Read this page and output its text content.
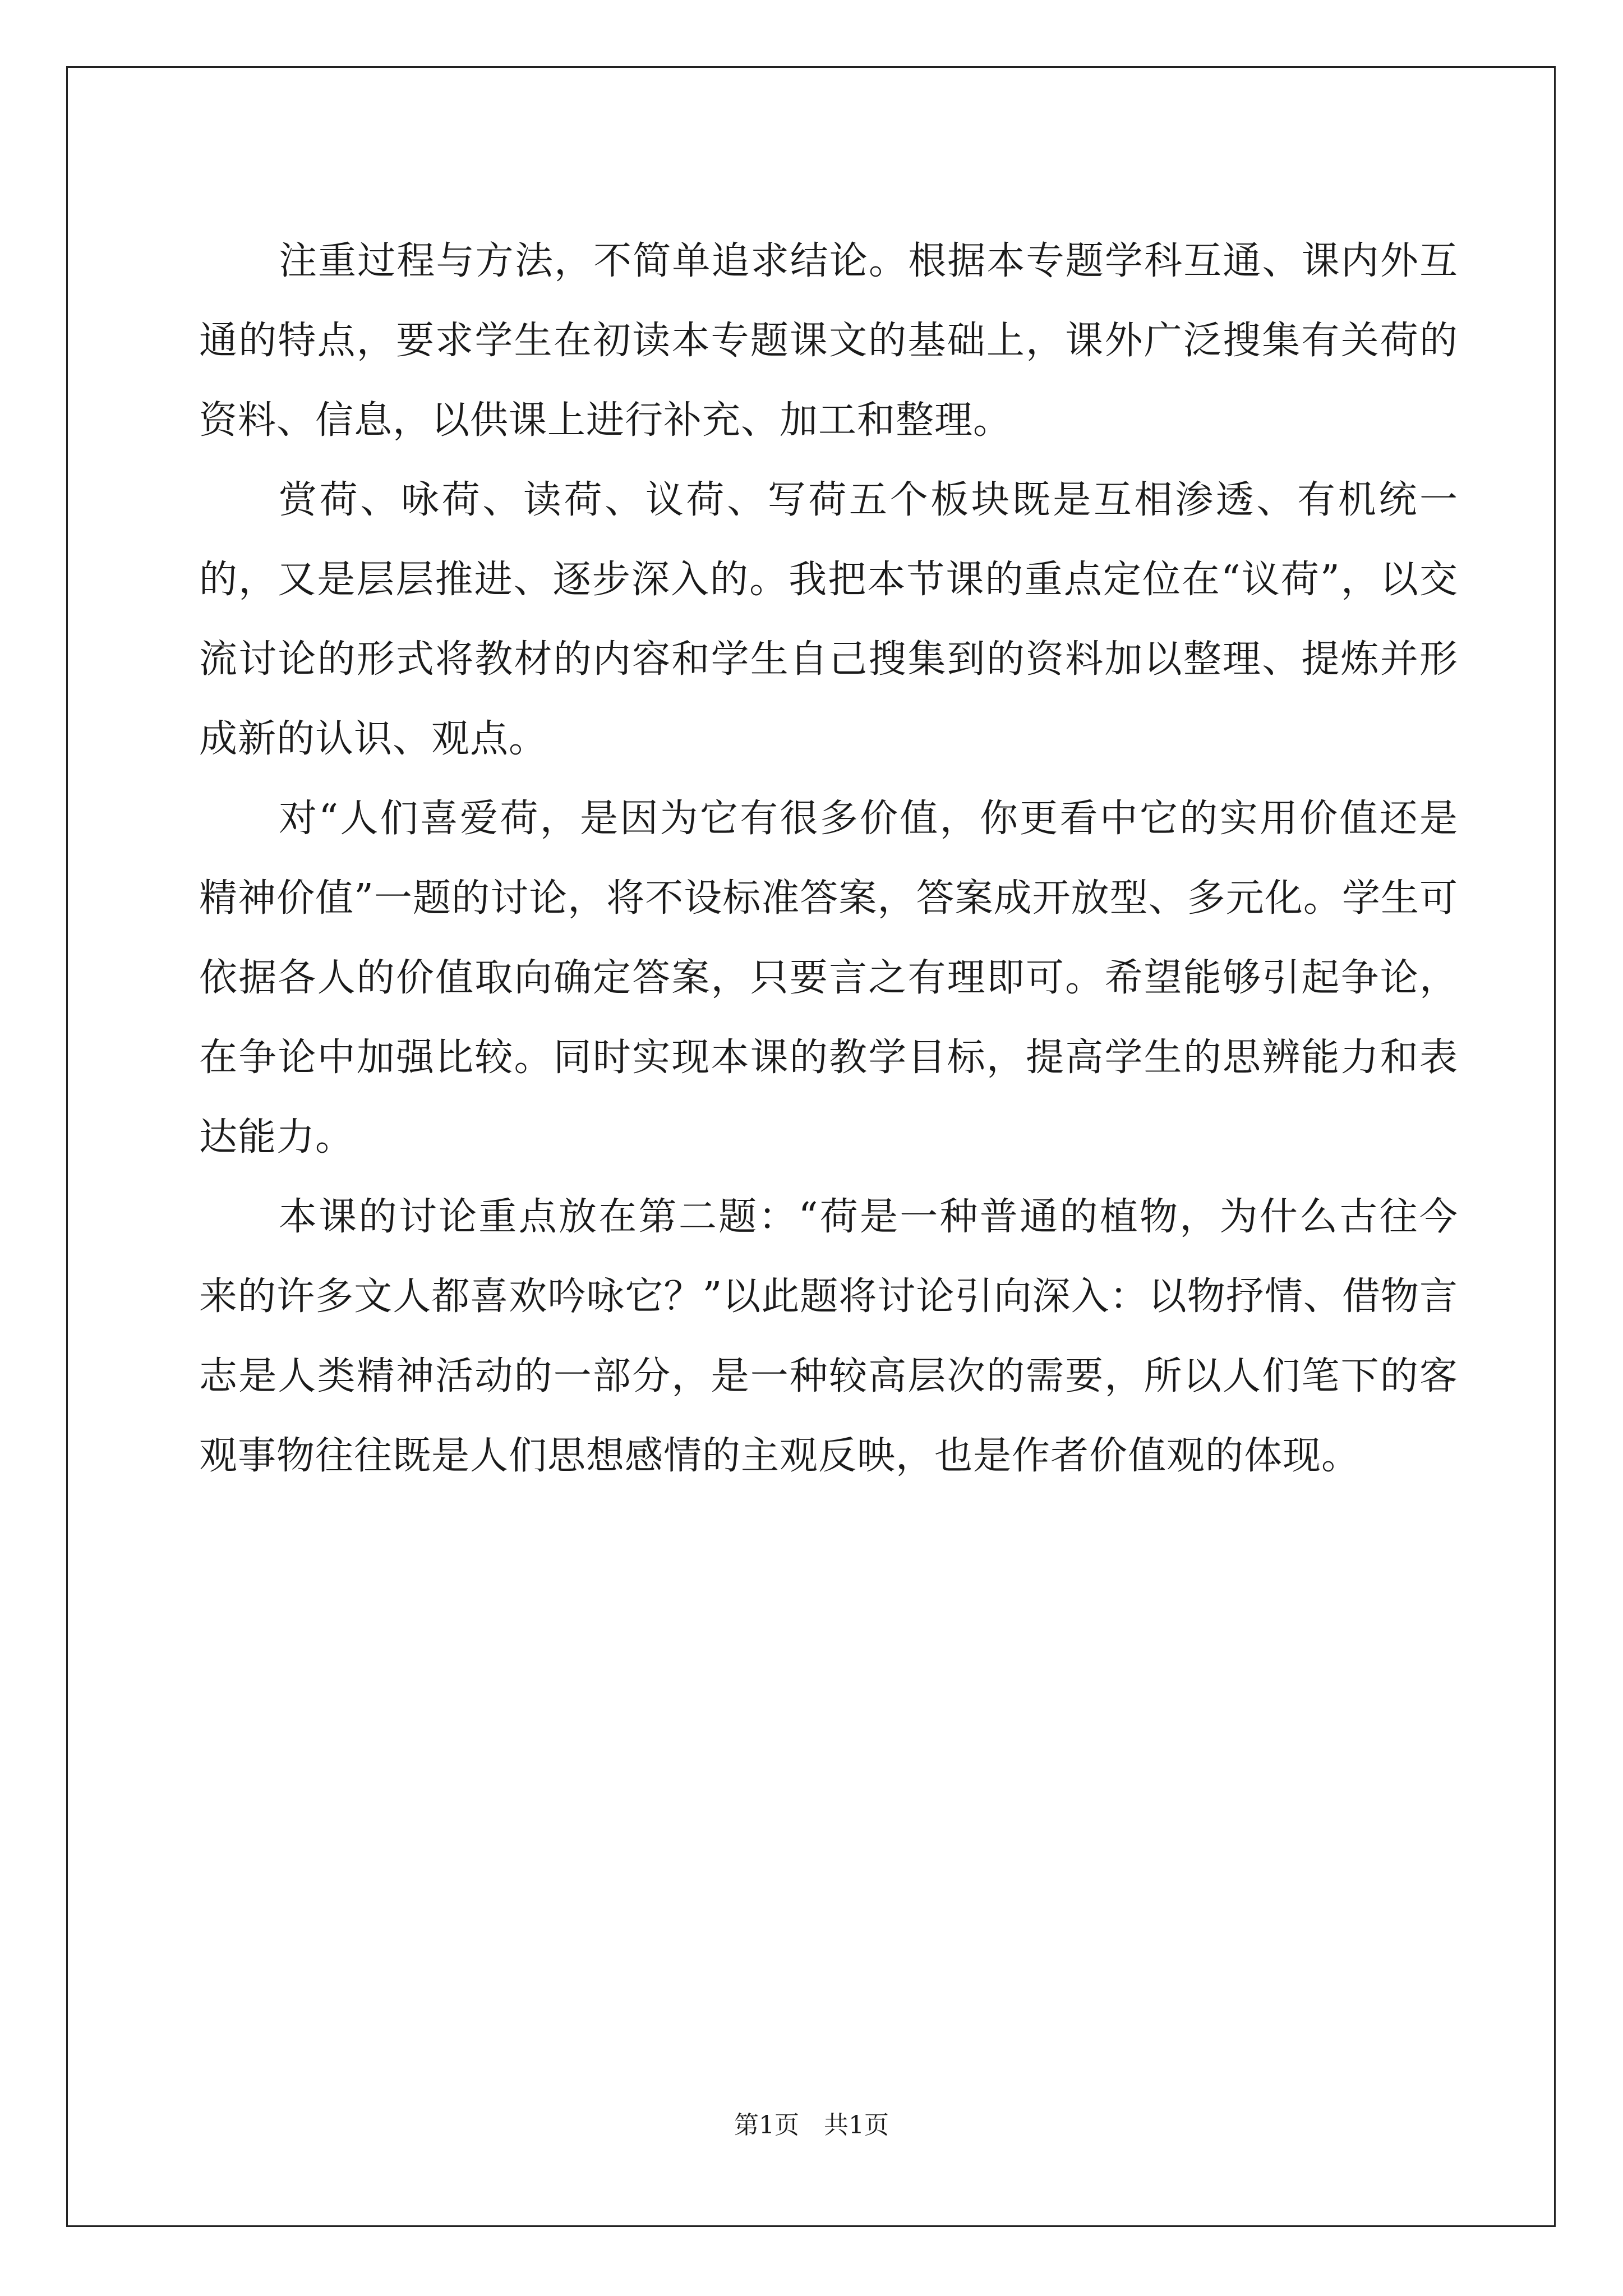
注重过程与方法，不简单追求结论。根据本专题学科互通、课内外互通的特点，要求学生在初读本专题课文的基础上，课外广泛搜集有关荷的资料、信息，以供课上进行补充、加工和整理。

赏荷、咏荷、读荷、议荷、写荷五个板块既是互相渗透、有机统一的，又是层层推进、逐步深入的。我把本节课的重点定位在“议荷”，以交流讨论的形式将教材的内容和学生自己搜集到的资料加以整理、提炼并形成新的认识、观点。

对“人们喜爱荷，是因为它有很多价值，你更看中它的实用价值还是精神价值”一题的讨论，将不设标准答案，答案成开放型、多元化。学生可依据各人的价值取向确定答案，只要言之有理即可。希望能够引起争论，在争论中加强比较。同时实现本课的教学目标，提高学生的思辨能力和表达能力。

本课的讨论重点放在第二题：“荷是一种普通的植物，为什么古往今来的许多文人都喜欢吟咏它？”以此题将讨论引向深入：以物抒情、借物言志是人类精神活动的一部分，是一种较高层次的需要，所以人们笔下的客观事物往往既是人们思想感情的主观反映，也是作者价值观的体现。

第1页 共1页
